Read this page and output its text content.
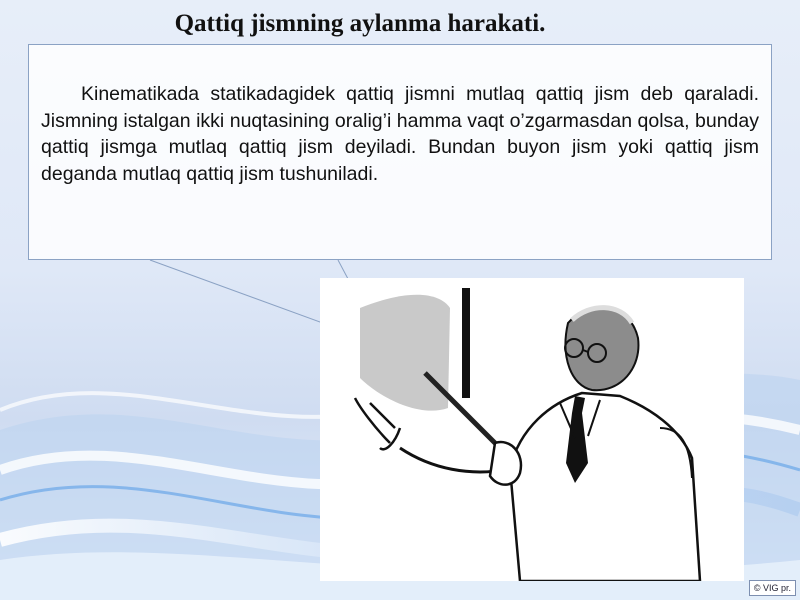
Qattiq jismning aylanma harakati.

Kinematikada statikadagidek qattiq jismni mutlaq qattiq jism deb qaraladi. Jismning istalgan ikki nuqtasining oralig’i hamma vaqt o’zgarmasdan qolsa, bunday qattiq jismga mutlaq qattiq jism deyiladi. Bundan buyon jism yoki qattiq jism deganda mutlaq qattiq jism tushuniladi.

© VIG pr.
